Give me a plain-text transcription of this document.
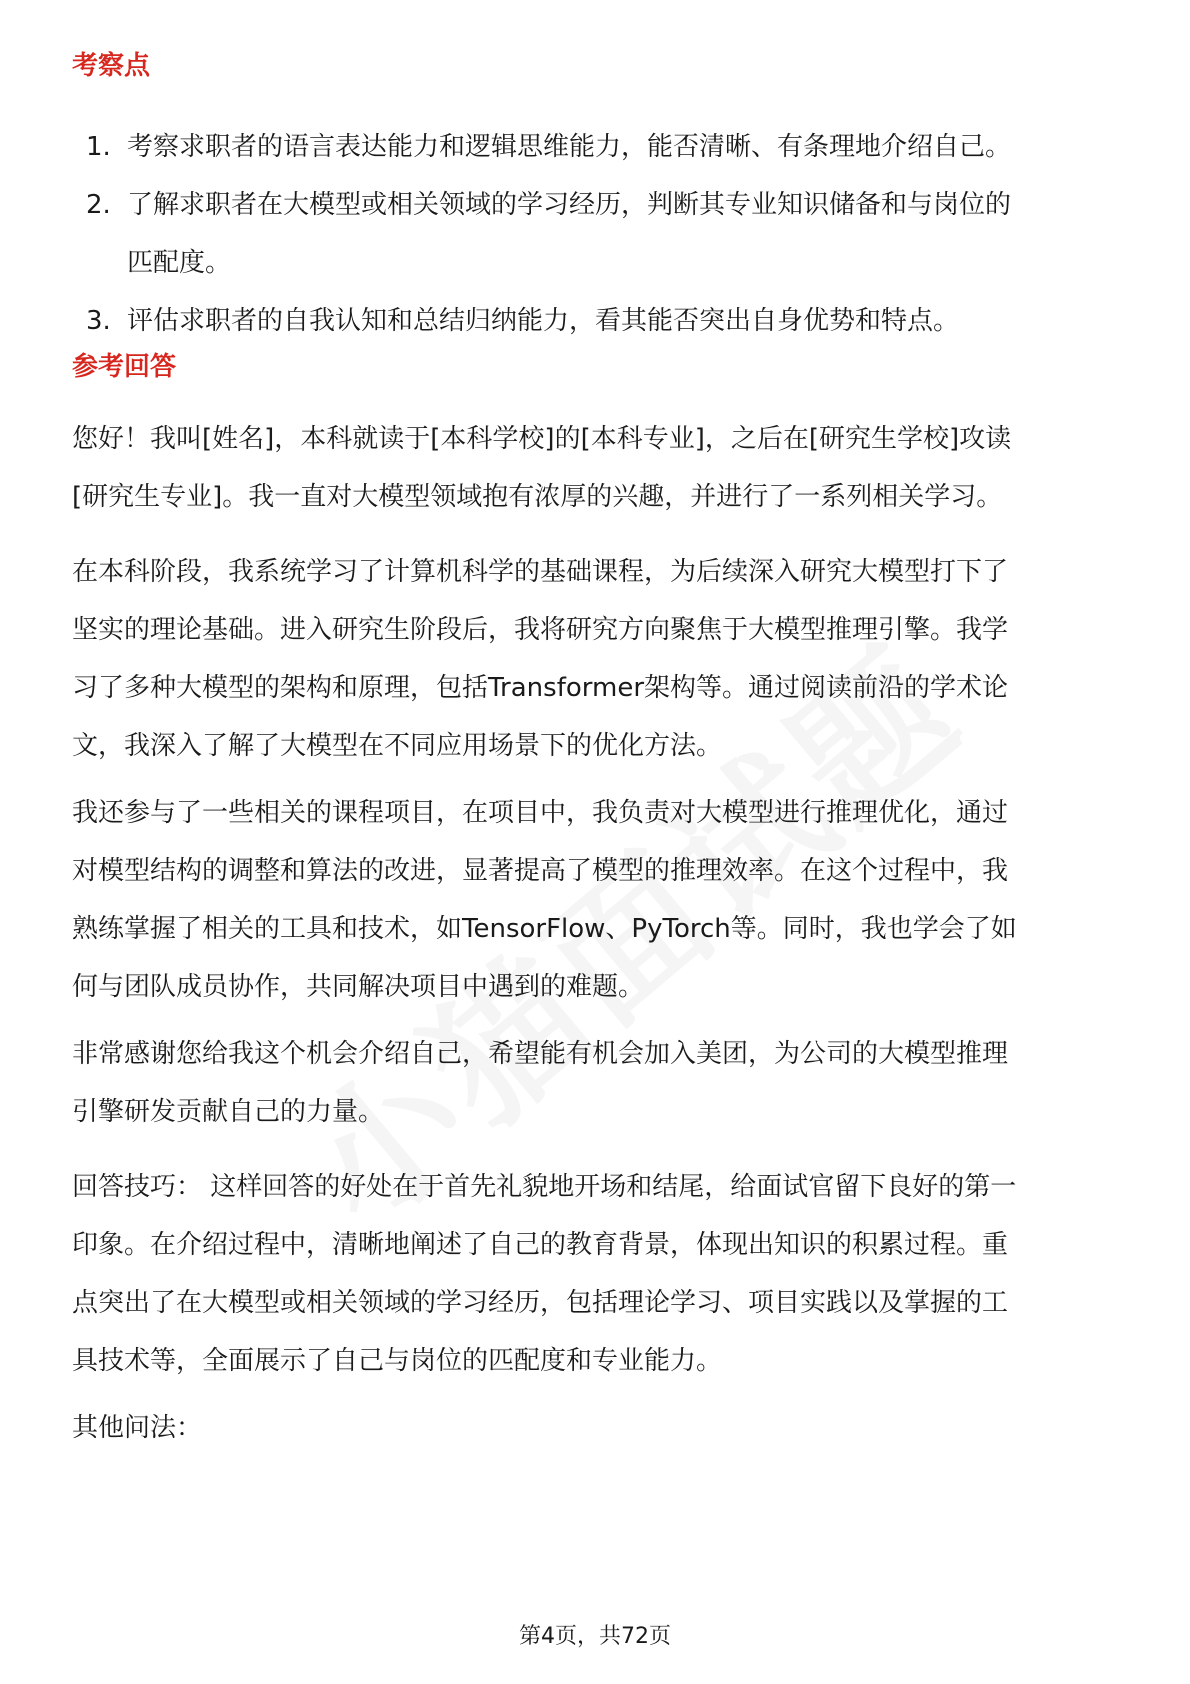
考察点
1. 考察求职者的语言表达能力和逻辑思维能力，能否清晰、有条理地介绍自己。
2. 了解求职者在大模型或相关领域的学习经历，判断其专业知识储备和与岗位的
匹配度。
3. 评估求职者的自我认知和总结归纳能力，看其能否突出自身优势和特点。
参考回答

您好！我叫[姓名]，本科就读于[本科学校]的[本科专业]，之后在[研究生学校]攻读
[研究生专业]。我一直对大模型领域抱有浓厚的兴趣，并进行了一系列相关学习。

在本科阶段，我系统学习了计算机科学的基础课程，为后续深入研究大模型打下了
坚实的理论基础。进入研究生阶段后，我将研究方向聚焦于大模型推理引擎。我学
习了多种大模型的架构和原理，包括Transformer架构等。通过阅读前沿的学术论
文，我深入了解了大模型在不同应用场景下的优化方法。

我还参与了一些相关的课程项目，在项目中，我负责对大模型进行推理优化，通过
对模型结构的调整和算法的改进，显著提高了模型的推理效率。在这个过程中，我
熟练掌握了相关的工具和技术，如TensorFlow、PyTorch等。同时，我也学会了如
何与团队成员协作，共同解决项目中遇到的难题。

非常感谢您给我这个机会介绍自己，希望能有机会加入美团，为公司的大模型推理
引擎研发贡献自己的力量。

回答技巧： 这样回答的好处在于首先礼貌地开场和结尾，给面试官留下良好的第一
印象。在介绍过程中，清晰地阐述了自己的教育背景，体现出知识的积累过程。重
点突出了在大模型或相关领域的学习经历，包括理论学习、项目实践以及掌握的工
具技术等，全面展示了自己与岗位的匹配度和专业能力。

其他问法：

第4页，共72页
